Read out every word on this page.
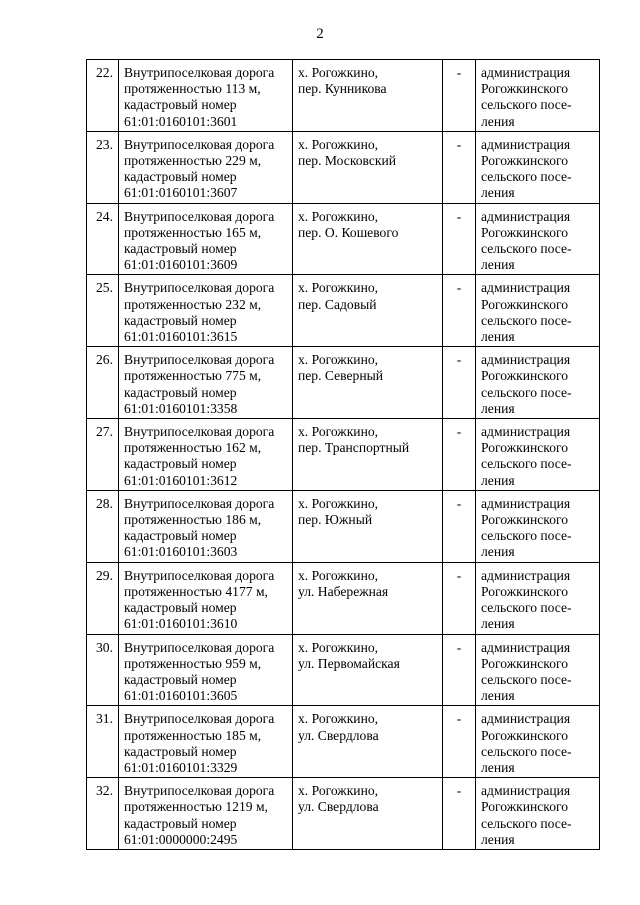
2
22.	Внутрипоселковая дорога
протяженностью 113 м,
кадастровый номер
61:01:0160101:3601	х. Рогожкино,
пер. Кунникова	-	администрация
Рогожкинского
сельского посе-
ления

23.	Внутрипоселковая дорога
протяженностью 229 м,
кадастровый номер
61:01:0160101:3607	х. Рогожкино,
пер. Московский	-	администрация
Рогожкинского
сельского посе-
ления

24.	Внутрипоселковая дорога
протяженностью 165 м,
кадастровый номер
61:01:0160101:3609	х. Рогожкино,
пер. О. Кошевого	-	администрация
Рогожкинского
сельского посе-
ления

25.	Внутрипоселковая дорога
протяженностью 232 м,
кадастровый номер
61:01:0160101:3615	х. Рогожкино,
пер. Садовый	-	администрация
Рогожкинского
сельского посе-
ления

26.	Внутрипоселковая дорога
протяженностью 775 м,
кадастровый номер
61:01:0160101:3358	х. Рогожкино,
пер. Северный	-	администрация
Рогожкинского
сельского посе-
ления

27.	Внутрипоселковая дорога
протяженностью 162 м,
кадастровый номер
61:01:0160101:3612	х. Рогожкино,
пер. Транспортный	-	администрация
Рогожкинского
сельского посе-
ления

28.	Внутрипоселковая дорога
протяженностью 186 м,
кадастровый номер
61:01:0160101:3603	х. Рогожкино,
пер. Южный	-	администрация
Рогожкинского
сельского посе-
ления

29.	Внутрипоселковая дорога
протяженностью 4177 м,
кадастровый номер
61:01:0160101:3610	х. Рогожкино,
ул. Набережная	-	администрация
Рогожкинского
сельского посе-
ления

30.	Внутрипоселковая дорога
протяженностью 959 м,
кадастровый номер
61:01:0160101:3605	х. Рогожкино,
ул. Первомайская	-	администрация
Рогожкинского
сельского посе-
ления

31.	Внутрипоселковая дорога
протяженностью 185 м,
кадастровый номер
61:01:0160101:3329	х. Рогожкино,
ул. Свердлова	-	администрация
Рогожкинского
сельского посе-
ления

32.	Внутрипоселковая дорога
протяженностью 1219 м,
кадастровый номер
61:01:0000000:2495	х. Рогожкино,
ул. Свердлова	-	администрация
Рогожкинского
сельского посе-
ления
